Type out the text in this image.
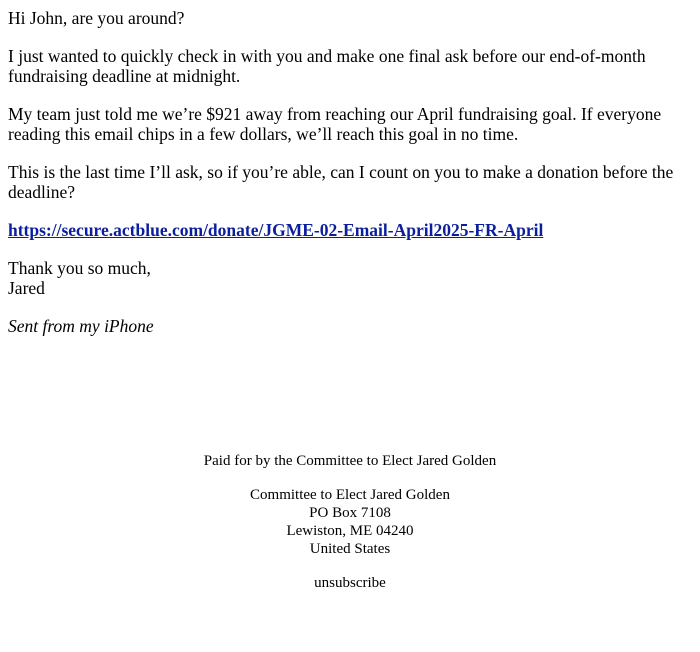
Hi John, are you around?

I just wanted to quickly check in with you and make one final ask before our end-of-month fundraising deadline at midnight.

My team just told me we’re $921 away from reaching our April fundraising goal. If everyone reading this email chips in a few dollars, we’ll reach this goal in no time.

This is the last time I’ll ask, so if you’re able, can I count on you to make a donation before the deadline?

https://secure.actblue.com/donate/JGME-02-Email-April2025-FR-April

Thank you so much,
Jared

Sent from my iPhone

Paid for by the Committee to Elect Jared Golden

Committee to Elect Jared Golden
PO Box 7108
Lewiston, ME 04240
United States

unsubscribe
